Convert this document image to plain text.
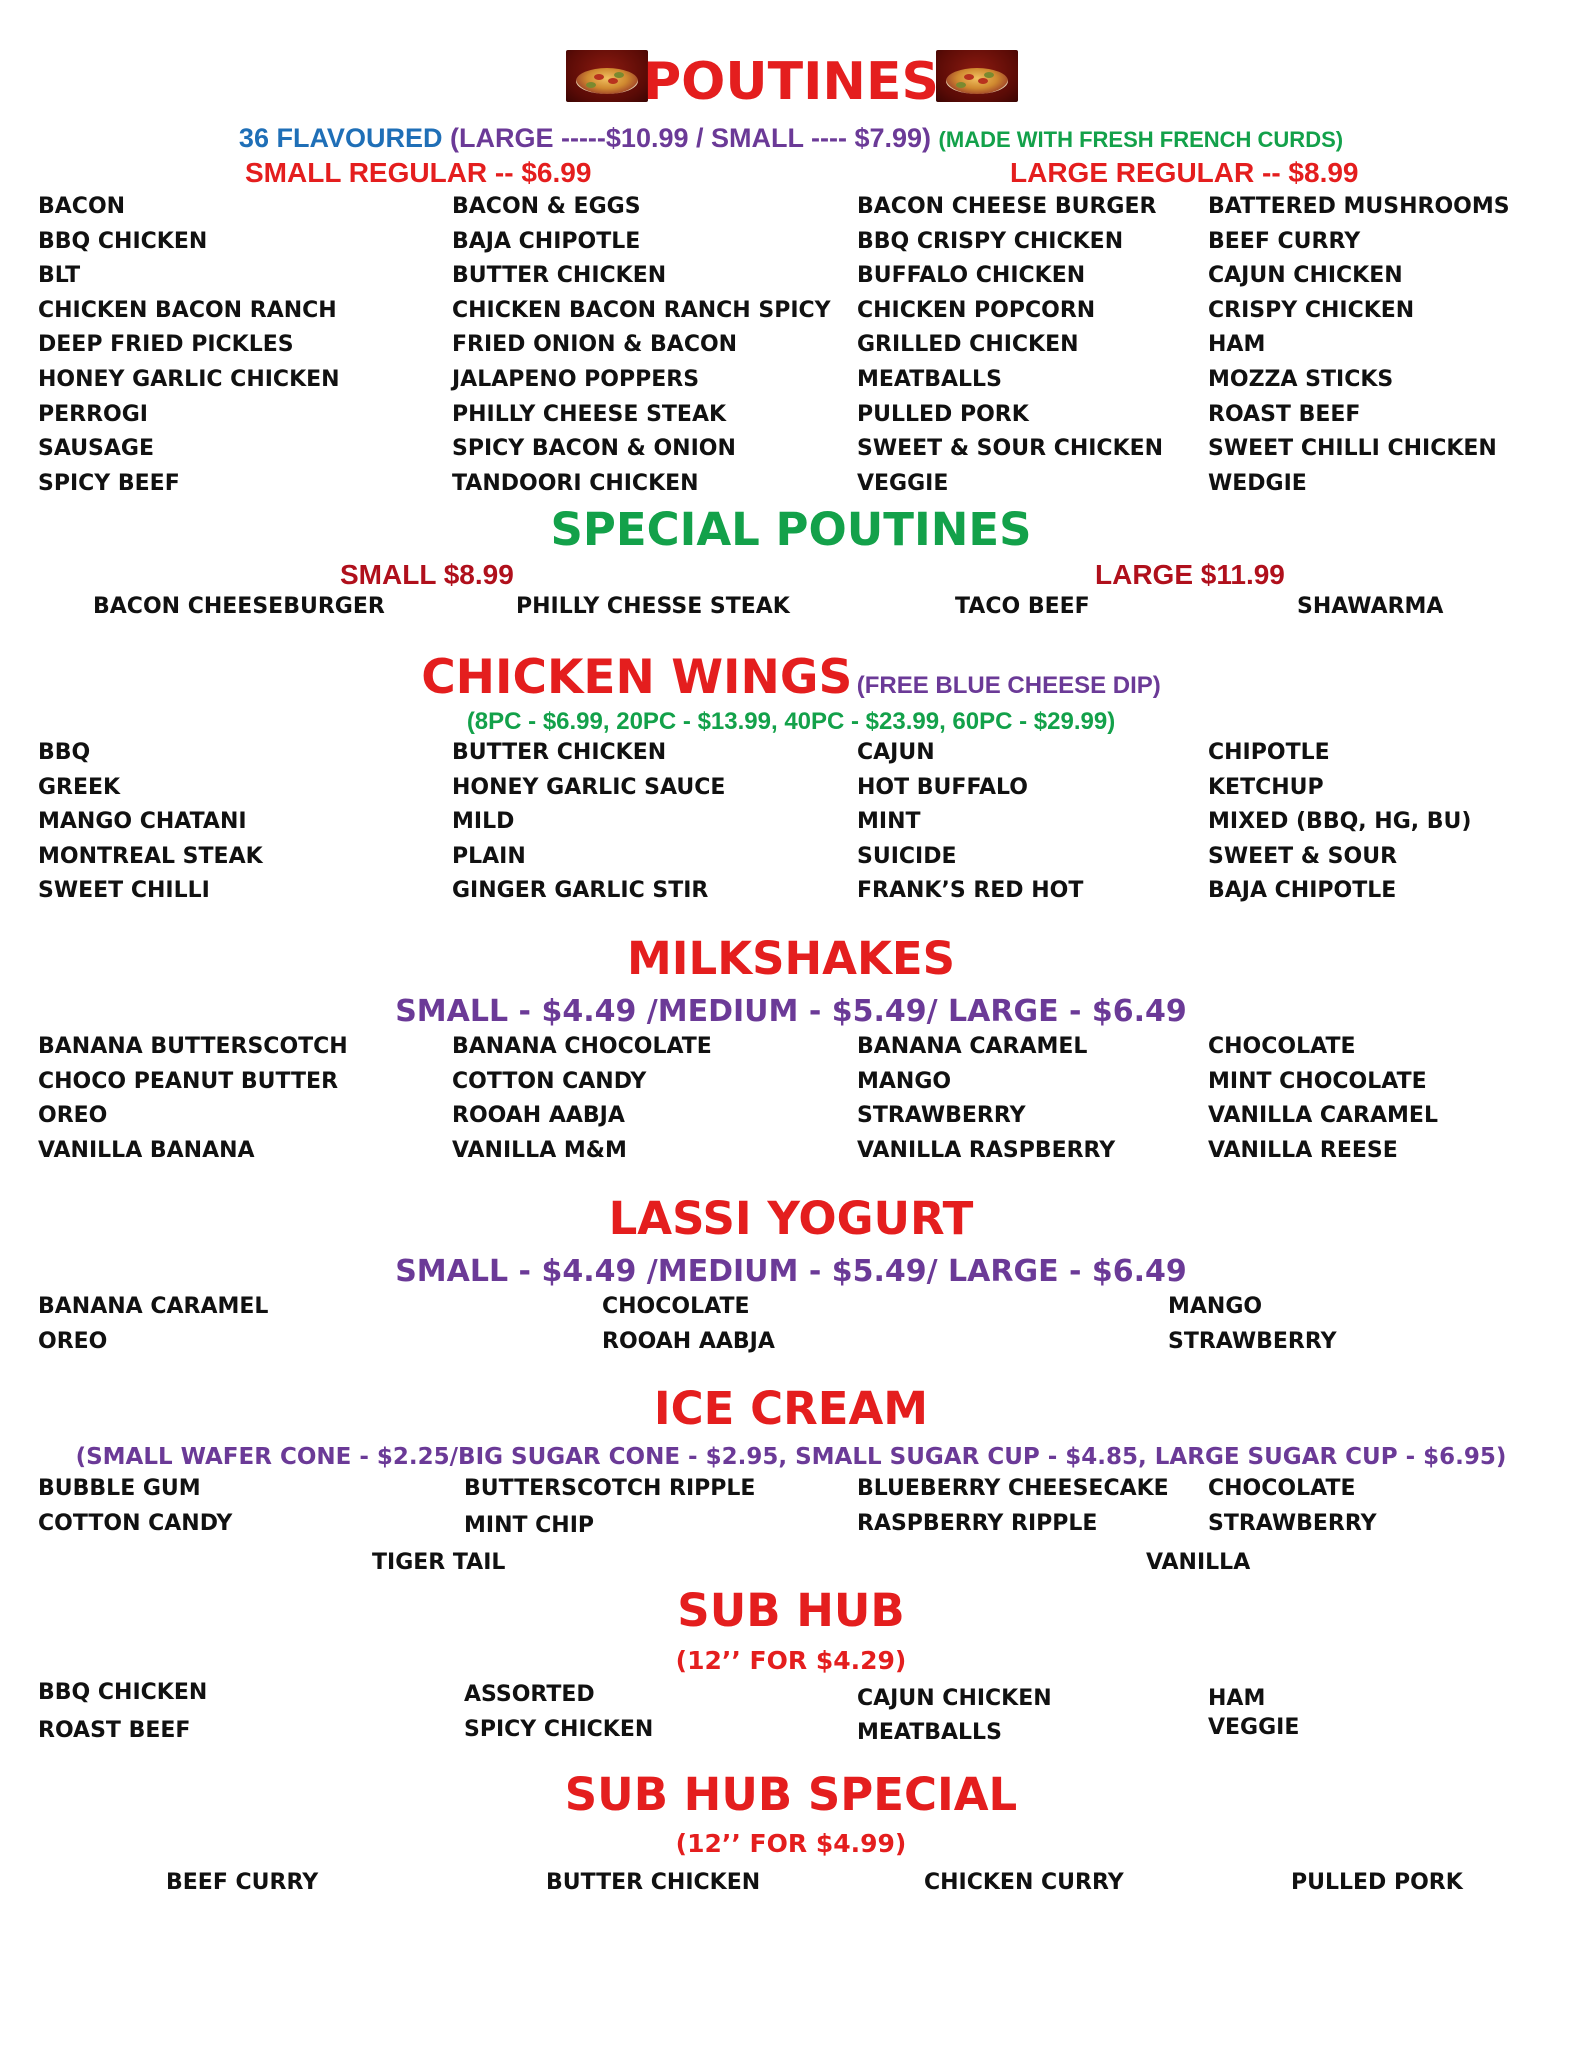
POUTINES
36 FLAVOURED (LARGE -----$10.99 / SMALL ---- $7.99) (MADE WITH FRESH FRENCH CURDS)
SMALL REGULAR -- $6.99	LARGE REGULAR -- $8.99
BACON
BBQ CHICKEN
BLT
CHICKEN BACON RANCH
DEEP FRIED PICKLES
HONEY GARLIC CHICKEN
PERROGI
SAUSAGE
SPICY BEEF
BACON & EGGS
BAJA CHIPOTLE
BUTTER CHICKEN
CHICKEN BACON RANCH SPICY
FRIED ONION & BACON
JALAPENO POPPERS
PHILLY CHEESE STEAK
SPICY BACON & ONION
TANDOORI CHICKEN
BACON CHEESE BURGER
BBQ CRISPY CHICKEN
BUFFALO CHICKEN
CHICKEN POPCORN
GRILLED CHICKEN
MEATBALLS
PULLED PORK
SWEET & SOUR CHICKEN
VEGGIE
BATTERED MUSHROOMS
BEEF CURRY
CAJUN CHICKEN
CRISPY CHICKEN
HAM
MOZZA STICKS
ROAST BEEF
SWEET CHILLI CHICKEN
WEDGIE
SPECIAL POUTINES
SMALL $8.99	LARGE $11.99
BACON CHEESEBURGER	PHILLY CHESSE STEAK	TACO BEEF	SHAWARMA
CHICKEN WINGS (FREE BLUE CHEESE DIP)
(8PC - $6.99, 20PC - $13.99, 40PC - $23.99, 60PC - $29.99)
BBQ
GREEK
MANGO CHATANI
MONTREAL STEAK
SWEET CHILLI
BUTTER CHICKEN
HONEY GARLIC SAUCE
MILD
PLAIN
GINGER GARLIC STIR
CAJUN
HOT BUFFALO
MINT
SUICIDE
FRANK’S RED HOT
CHIPOTLE
KETCHUP
MIXED (BBQ, HG, BU)
SWEET & SOUR
BAJA CHIPOTLE
MILKSHAKES
SMALL - $4.49 /MEDIUM - $5.49/ LARGE - $6.49
BANANA BUTTERSCOTCH
CHOCO PEANUT BUTTER
OREO
VANILLA BANANA
BANANA CHOCOLATE
COTTON CANDY
ROOAH AABJA
VANILLA M&M
BANANA CARAMEL
MANGO
STRAWBERRY
VANILLA RASPBERRY
CHOCOLATE
MINT CHOCOLATE
VANILLA CARAMEL
VANILLA REESE
LASSI YOGURT
SMALL - $4.49 /MEDIUM - $5.49/ LARGE - $6.49
BANANA CARAMEL
OREO
CHOCOLATE
ROOAH AABJA
MANGO
STRAWBERRY
ICE CREAM
(SMALL WAFER CONE - $2.25/BIG SUGAR CONE - $2.95, SMALL SUGAR CUP - $4.85, LARGE SUGAR CUP - $6.95)
BUBBLE GUM
COTTON CANDY
BUTTERSCOTCH RIPPLE
MINT CHIP
BLUEBERRY CHEESECAKE
RASPBERRY RIPPLE
CHOCOLATE
STRAWBERRY
TIGER TAIL	VANILLA
SUB HUB
(12’’ FOR $4.29)
BBQ CHICKEN
ROAST BEEF
ASSORTED
SPICY CHICKEN
CAJUN CHICKEN
MEATBALLS
HAM
VEGGIE
SUB HUB SPECIAL
(12’’ FOR $4.99)
BEEF CURRY	BUTTER CHICKEN	CHICKEN CURRY	PULLED PORK
